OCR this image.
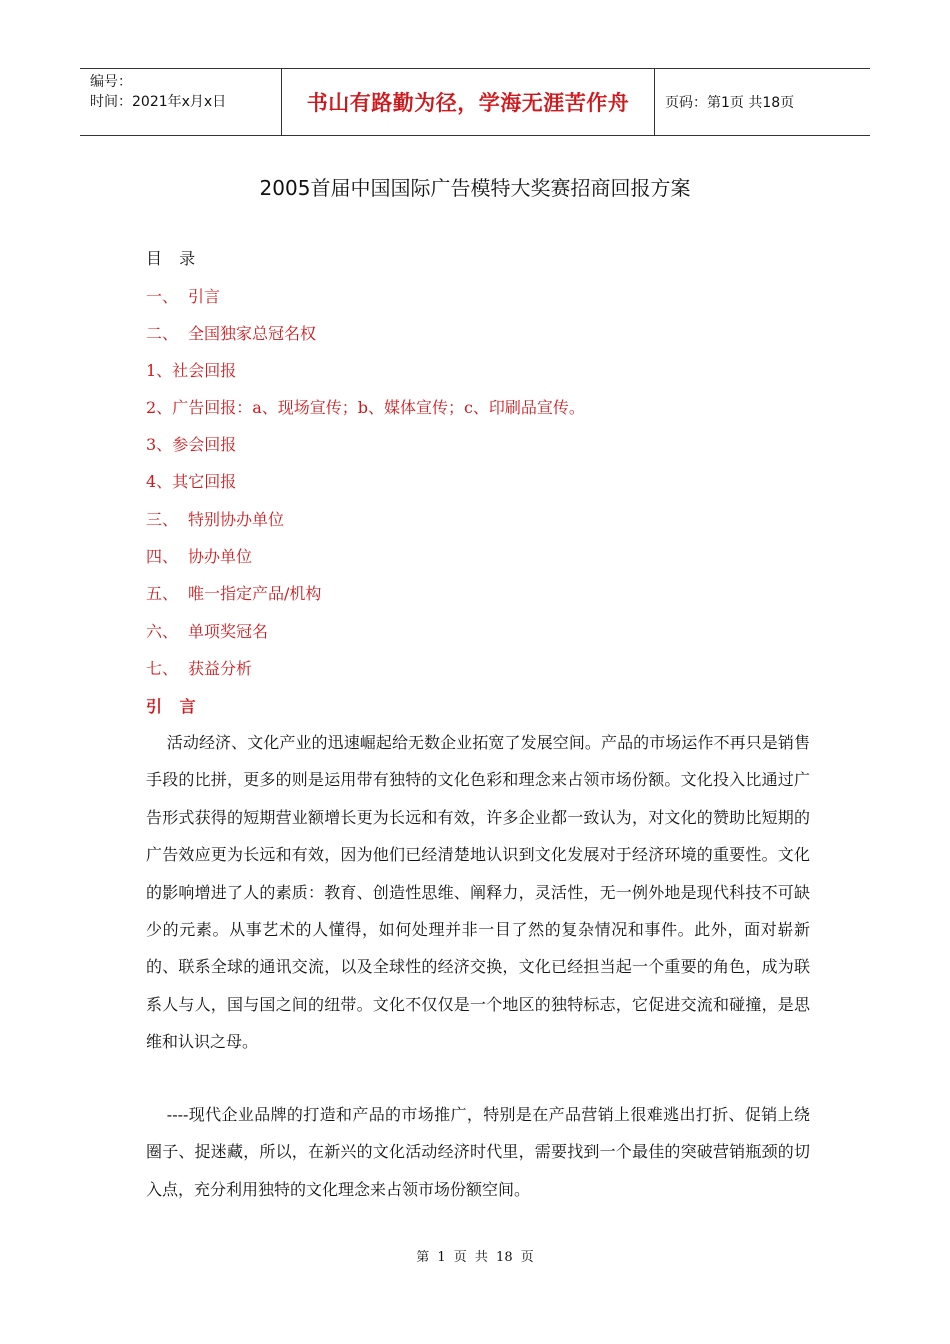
编号：
时间：2021年x月x日	书山有路勤为径，学海无涯苦作舟	页码：第1页 共18页
2005首届中国国际广告模特大奖赛招商回报方案
目 录
一、 引言
二、 全国独家总冠名权
1、社会回报
2、广告回报：a、现场宣传；b、媒体宣传；c、印刷品宣传。
3、参会回报
4、其它回报
三、 特别协办单位
四、 协办单位
五、 唯一指定产品/机构
六、 单项奖冠名
七、 获益分析
引 言
活动经济、文化产业的迅速崛起给无数企业拓宽了发展空间。产品的市场运作不再只是销售手段的比拼，更多的则是运用带有独特的文化色彩和理念来占领市场份额。文化投入比通过广告形式获得的短期营业额增长更为长远和有效，许多企业都一致认为，对文化的赞助比短期的广告效应更为长远和有效，因为他们已经清楚地认识到文化发展对于经济环境的重要性。文化的影响增进了人的素质：教育、创造性思维、阐释力，灵活性，无一例外地是现代科技不可缺少的元素。从事艺术的人懂得，如何处理并非一目了然的复杂情况和事件。此外，面对崭新的、联系全球的通讯交流，以及全球性的经济交换，文化已经担当起一个重要的角色，成为联系人与人，国与国之间的纽带。文化不仅仅是一个地区的独特标志，它促进交流和碰撞，是思维和认识之母。
----现代企业品牌的打造和产品的市场推广，特别是在产品营销上很难逃出打折、促销上绕圈子、捉迷藏，所以，在新兴的文化活动经济时代里，需要找到一个最佳的突破营销瓶颈的切入点，充分利用独特的文化理念来占领市场份额空间。
第 1 页 共 18 页
